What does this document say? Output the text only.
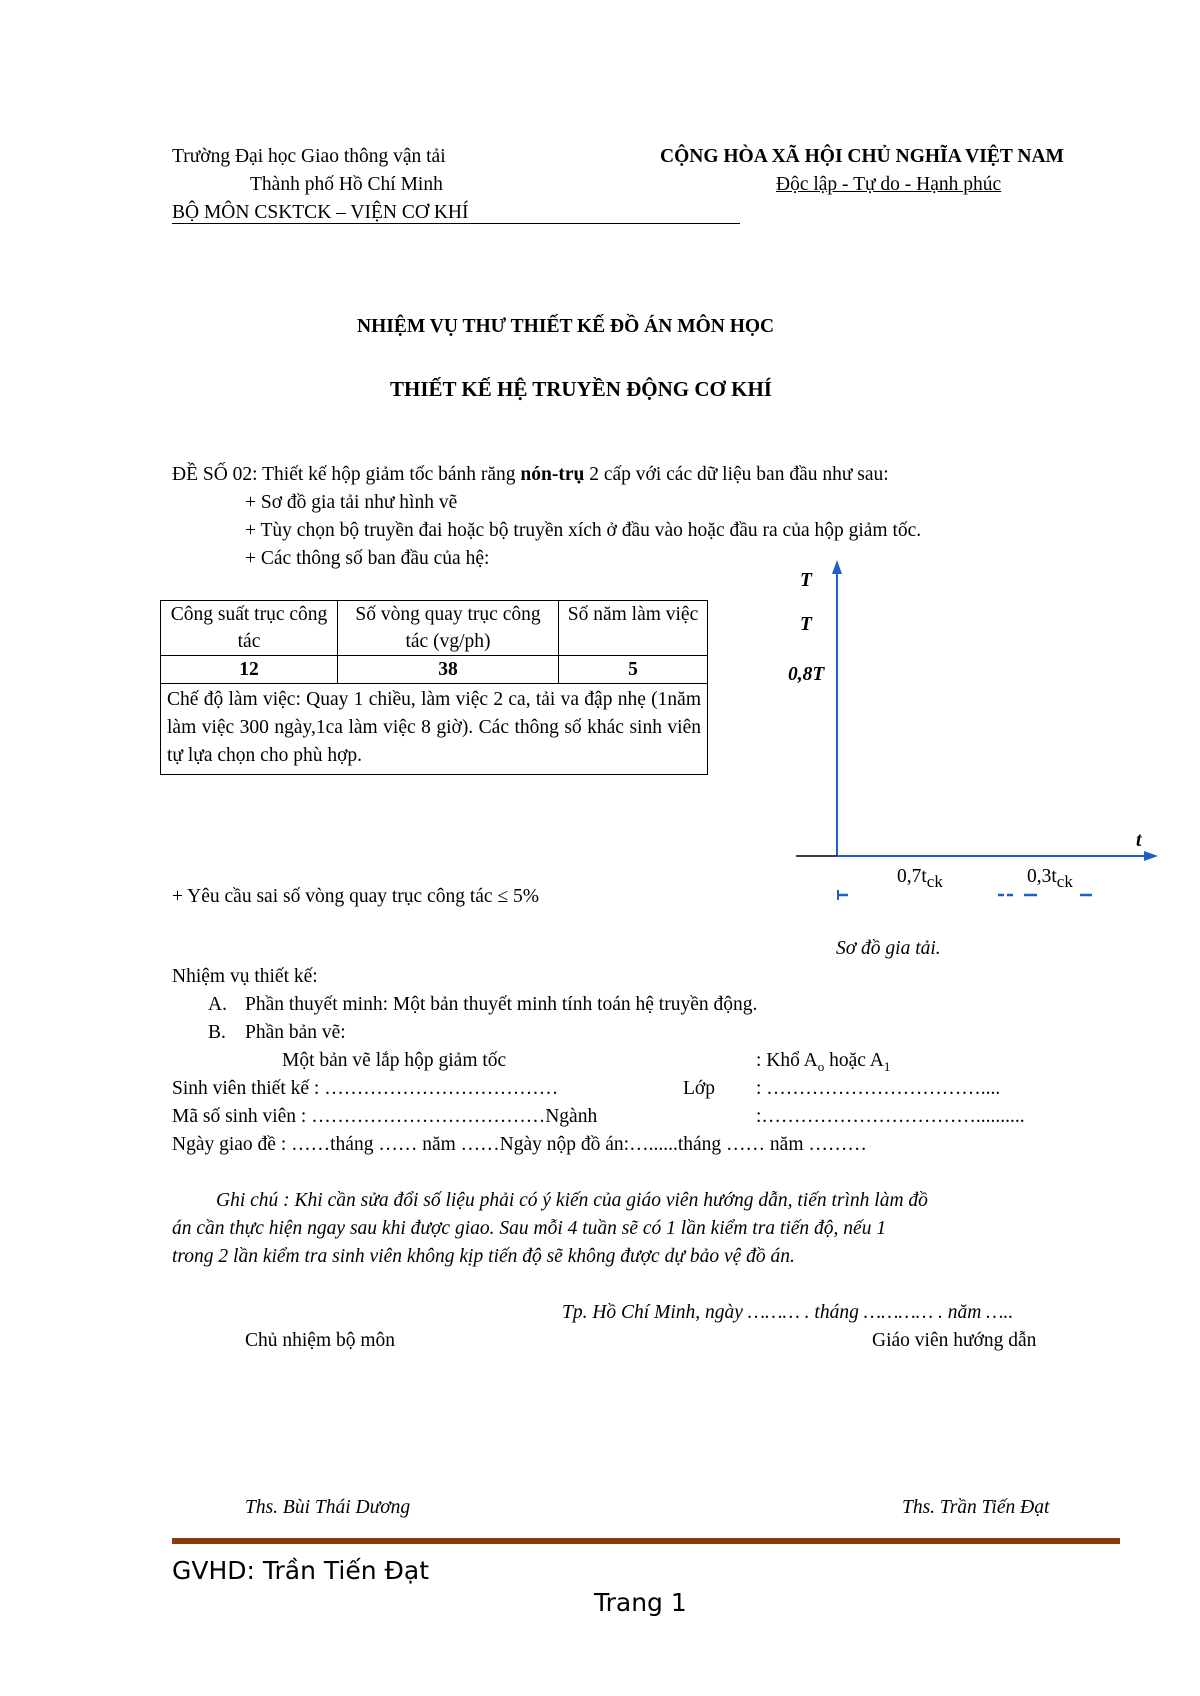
Trường Đại học Giao thông vận tải
Thành phố Hồ Chí Minh
BỘ MÔN CSKTCK – VIỆN CƠ KHÍ
CỘNG HÒA XÃ HỘI CHỦ NGHĨA VIỆT NAM
Độc lập - Tự do - Hạnh phúc
NHIỆM VỤ THƯ THIẾT KẾ ĐỒ ÁN MÔN HỌC
THIẾT KẾ HỆ TRUYỀN ĐỘNG CƠ KHÍ
ĐỀ SỐ 02: Thiết kế hộp giảm tốc bánh răng nón-trụ 2 cấp với các dữ liệu ban đầu như sau:
+ Sơ đồ gia tải như hình vẽ
+ Tùy chọn bộ truyền đai hoặc bộ truyền xích ở đầu vào hoặc đầu ra của hộp giảm tốc.
+ Các thông số ban đầu của hệ:
Công suất trục công tác	Số vòng quay trục công tác (vg/ph)	Số năm làm việc
12	38	5
Chế độ làm việc: Quay 1 chiều, làm việc 2 ca, tải va đập nhẹ (1năm làm việc 300 ngày,1ca làm việc 8 giờ). Các thông số khác sinh viên tự lựa chọn cho phù hợp.		
+ Yêu cầu sai số vòng quay trục công tác ≤ 5%
T
T
0,8T
t
$0,7t_{ck}$	$0,3t_{ck}$
Sơ đồ gia tải.
Nhiệm vụ thiết kế:
A. Phần thuyết minh: Một bản thuyết minh tính toán hệ truyền động.
B. Phần bản vẽ:
Một bản vẽ lắp hộp giảm tốc	: Khổ $A_o$ hoặc $A_1$
Sinh viên thiết kế : ………………………………	Lớp : ……………………………....
Mã số sinh viên : ………………………………Ngành	:……………………………..........
Ngày giao đề : ……tháng …… năm ……Ngày nộp đồ án:…......tháng …… năm ………
Ghi chú : Khi cần sửa đổi số liệu phải có ý kiến của giáo viên hướng dẫn, tiến trình làm đồ
án cần thực hiện ngay sau khi được giao. Sau mỗi 4 tuần sẽ có 1 lần kiểm tra tiến độ, nếu 1
trong 2 lần kiểm tra sinh viên không kịp tiến độ sẽ không được dự bảo vệ đồ án.
Tp. Hồ Chí Minh, ngày ……… . tháng ………… . năm …..
Chủ nhiệm bộ môn	Giáo viên hướng dẫn
Ths. Bùi Thái Dương	Ths. Trần Tiến Đạt
GVHD: Trần Tiến Đạt
Trang 1
